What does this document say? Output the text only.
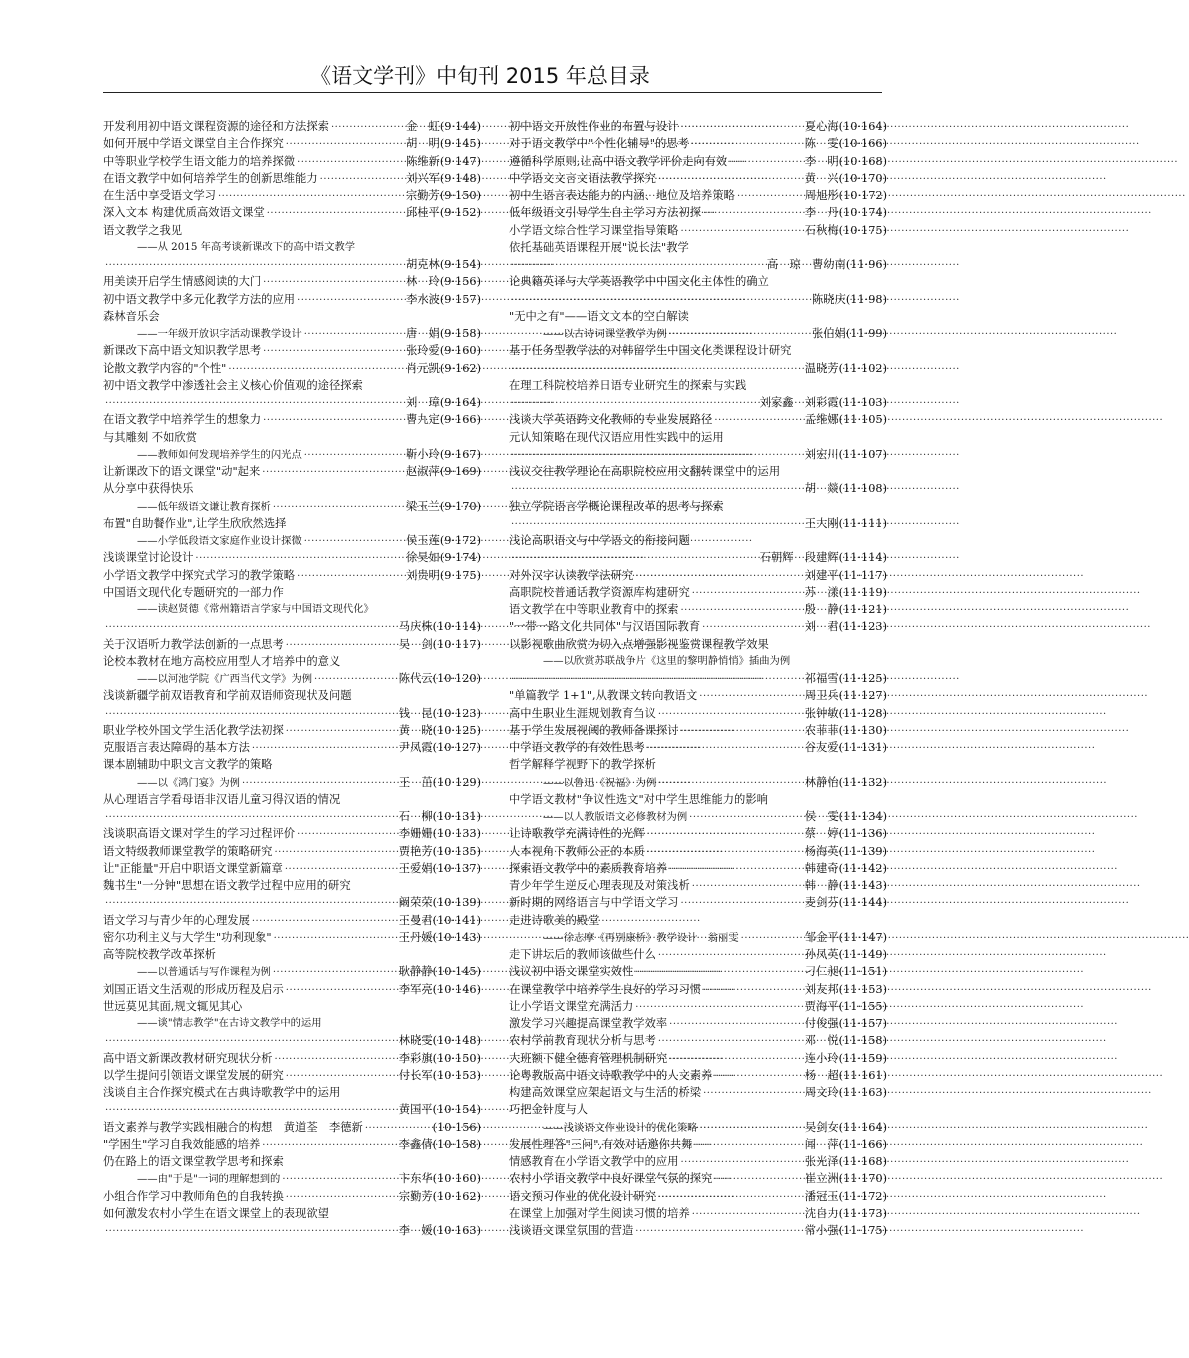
《语文学刊》中旬刊 2015 年总目录
开发利用初中语文课程资源的途径和方法探索 ·····	金　虹(9·144)
如何开展中学语文课堂自主合作探究 ·····	胡　明(9·145)
中等职业学校学生语文能力的培养探微 ·····	陈维新(9·147)
在语文教学中如何培养学生的创新思维能力 ·····	刘兴军(9·148)
在生活中享受语文学习 ·····	宗勤芳(9·150)
深入文本 构建优质高效语文课堂 ·····	邱桂平(9·152)
语文教学之我见
——从 2015 年高考谈新课改下的高中语文教学
·····
胡克林(9·154)
用美读开启学生情感阅读的大门 ·····	林　玲(9·156)
初中语文教学中多元化教学方法的应用 ·····	李水波(9·157)
森林音乐会
——一年级开放识字活动课教学设计 ·····	唐　娟(9·158)
新课改下高中语文知识教学思考 ·····	张玲爱(9·160)
论散文教学内容的"个性" ·····	肖元凯(9·162)
初中语文教学中渗透社会主义核心价值观的途径探索
·····
刘　璋(9·164)
在语文教学中培养学生的想象力 ·····	曹九定(9·166)
与其雕刻 不如欣赏
——教师如何发现培养学生的闪光点 ·····	靳小玲(9·167)
让新课改下的语文课堂"动"起来 ·····	赵淑萍(9·169)
从分享中获得快乐
——低年级语文谦让教育探析 ·····	梁玉兰(9·170)
布置"自助餐作业",让学生欣欣然选择
——小学低段语文家庭作业设计探微 ·····	侯玉莲(9·172)
浅谈课堂讨论设计 ·····	徐昊如(9·174)
小学语文教学中探究式学习的教学策略 ·····	刘贵明(9·175)
中国语文现代化专题研究的一部力作
——读赵贤德《常州籍语言学家与中国语文现代化》
·····
马庆株(10·114)
关于汉语听力教学法创新的一点思考 ·····	吴　剑(10·117)
论校本教材在地方高校应用型人才培养中的意义
——以河池学院《广西当代文学》为例 ·····	陈代云(10·120)
浅谈新疆学前双语教育和学前双语师资现状及问题
·····
钱　昆(10·123)
职业学校外国文学生活化教学法初探 ·····	黄　晓(10·125)
克服语言表达障碍的基本方法 ·····	尹凤霞(10·127)
课本剧辅助中职文言文教学的策略
——以《鸿门宴》为例 ·····	王　茁(10·129)
从心理语言学看母语非汉语儿童习得汉语的情况
·····
石　柳(10·131)
浅谈职高语文课对学生的学习过程评价 ·····	李姗姗(10·133)
语文特级教师课堂教学的策略研究 ·····	贾艳芳(10·135)
让"正能量"开启中职语文课堂新篇章 ·····	王爱娟(10·137)
魏书生"一分钟"思想在语文教学过程中应用的研究
·····
阚荣荣(10·139)
语文学习与青少年的心理发展 ·····	王曼君(10·141)
密尔功利主义与大学生"功利现象" ·····	王丹媛(10·143)
高等院校教学改革探析
——以普通话与写作课程为例 ·····	耿静静(10·145)
刘国正语文生活观的形成历程及启示 ·····	李军亮(10·146)
世远莫见其面,规文辄见其心
——谈"情志教学"在古诗文教学中的运用
·····
林晓雯(10·148)
高中语文新课改教材研究现状分析 ·····	李彩旗(10·150)
以学生提问引领语文课堂发展的研究 ·····	付长军(10·153)
浅谈自主合作探究模式在古典诗歌教学中的运用
·····
黄国平(10·154)
语文素养与教学实践相融合的构想　黄道荃　李德新 ·····	(10·156)
"学困生"学习自我效能感的培养 ·····	李鑫倩(10·158)
仍在路上的语文课堂教学思考和探索
——由"于是"一词的理解想到的 ·····	卞东华(10·160)
小组合作学习中教师角色的自我转换 ·····	宗勤芳(10·162)
如何激发农村小学生在语文课堂上的表现欲望
·····
李　媛(10·163)
初中语文开放性作业的布置与设计 ·····	夏心海(10·164)
对于语文教学中"个性化辅导"的思考 ·····	陈　雯(10·166)
遵循科学原则,让高中语文教学评价走向有效 ·····	李　明(10·168)
中学语文文言文语法教学探究 ·····	黄　兴(10·170)
初中生语言表达能力的内涵、地位及培养策略 ·····	周旭彤(10·172)
低年级语文引导学生自主学习方法初探 ·····	李　丹(10·174)
小学语文综合性学习课堂指导策略 ·····	石秋梅(10·175)
依托基础英语课程开展"说长法"教学
·····
高　琼　曹幼南(11·96)
论典籍英译与大学英语教学中中国文化主体性的确立
·····
陈晓庆(11·98)
"无中之有"——语文文本的空白解读
——以古诗词课堂教学为例 ·····	张伯娟(11·99)
基于任务型教学法的对韩留学生中国文化类课程设计研究
·····
温晓芳(11·102)
在理工科院校培养日语专业研究生的探索与实践
·····
刘家鑫　刘彩霞(11·103)
浅谈大学英语跨文化教师的专业发展路径 ·····	孟维娜(11·105)
元认知策略在现代汉语应用性实践中的运用
·····
刘宏川(11·107)
浅议交往教学理论在高职院校应用文翻转课堂中的运用
·····
胡　燚(11·108)
独立学院语言学概论课程改革的思考与探索
·····
王大刚(11·111)
浅论高职语文与中学语文的衔接问题
·····
石朝辉　段建辉(11·114)
对外汉字认读教学法研究 ·····	刘建平(11·117)
高职院校普通话教学资源库构建研究 ·····	苏　漾(11·119)
语文教学在中等职业教育中的探索 ·····	殷　静(11·121)
"一带一路文化共同体"与汉语国际教育 ·····	刘　君(11·123)
以影视歌曲欣赏为切入点增强影视鉴赏课程教学效果
——以欣赏苏联战争片《这里的黎明静悄悄》插曲为例
·····
祁福雪(11·125)
"单篇教学 1+1",从教课文转向教语文 ·····	周卫兵(11·127)
高中生职业生涯规划教育刍议 ·····	张钟敏(11·128)
基于学生发展视阈的教师备课探讨 ·····	农菲菲(11·130)
中学语文教学的有效性思考 ·····	谷友爱(11·131)
哲学解释学视野下的教学探析
——以鲁迅《祝福》为例 ·····	林静怡(11·132)
中学语文教材"争议性选文"对中学生思维能力的影响
——以人教版语文必修教材为例 ·····	侯　雯(11·134)
让诗歌教学充满诗性的光辉 ·····	蔡　婷(11·136)
人本视角下教师公正的本质 ·····	杨海英(11·139)
探索语文教学中的素质教育培养 ·····	韩建奇(11·142)
青少年学生逆反心理表现及对策浅析 ·····	韩　静(11·143)
新时期的网络语言与中学语文学习 ·····	麦剑芬(11·144)
走进诗歌美的殿堂
——徐志摩《再别康桥》教学设计　翁丽雯 ·····	邹金平(11·147)
走下讲坛后的教师该做些什么 ·····	孙凤英(11·149)
浅议初中语文课堂实效性 ·····	刁仁昶(11·151)
在课堂教学中培养学生良好的学习习惯 ·····	刘友邦(11·153)
让小学语文课堂充满活力 ·····	贾海平(11·155)
激发学习兴趣提高课堂教学效率 ·····	付俊强(11·157)
农村学前教育现状分析与思考 ·····	邓　悦(11·158)
大班额下健全德育管理机制研究 ·····	连小玲(11·159)
论粤教版高中语文诗歌教学中的人文素养 ·····	杨　超(11·161)
构建高效课堂应架起语文与生活的桥梁 ·····	周文玲(11·163)
巧把金针度与人
——浅谈语文作业设计的优化策略 ·····	吴剑女(11·164)
发展性理答"三问",有效对话邀你共舞 ·····	闻　萍(11·166)
情感教育在小学语文教学中的应用 ·····	张光泽(11·168)
农村小学语文教学中良好课堂气氛的探究 ·····	崔立洲(11·170)
语文预习作业的优化设计研究 ·····	潘冠玉(11·172)
在课堂上加强对学生阅读习惯的培养 ·····	沈自力(11·173)
浅谈语文课堂氛围的营造 ·····	常小强(11·175)
